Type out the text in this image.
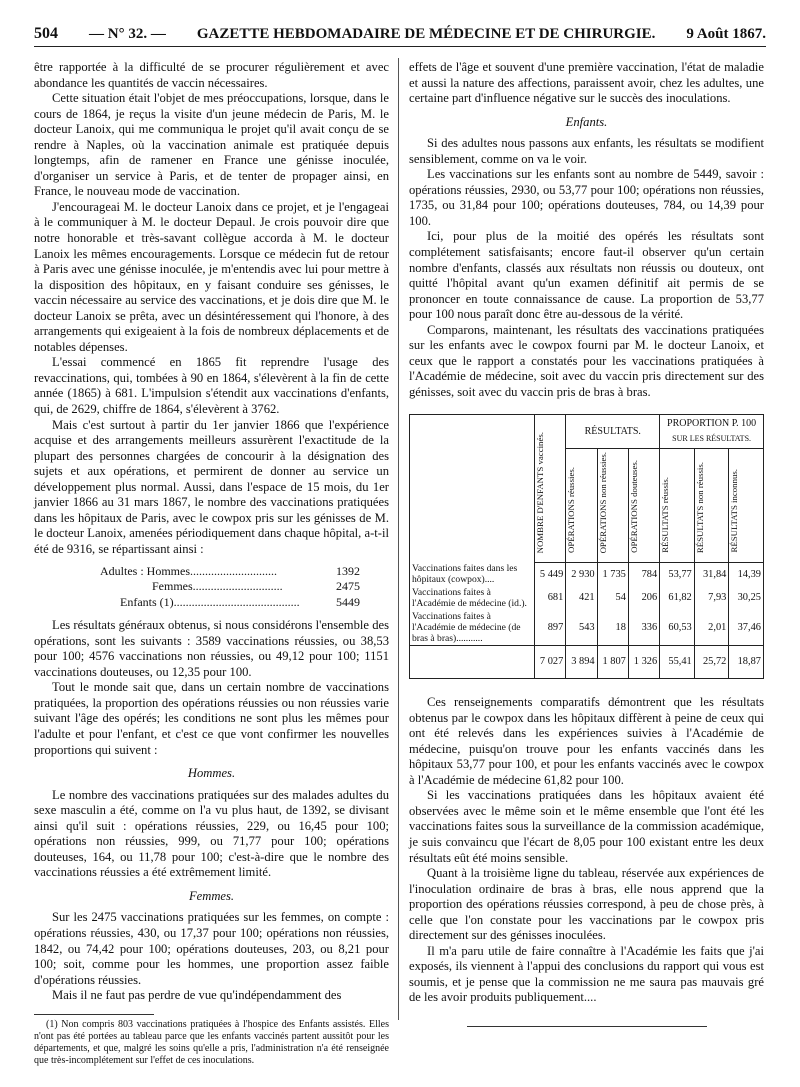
504 — N° 32. — GAZETTE HEBDOMADAIRE DE MÉDECINE ET DE CHIRURGIE. 9 Août 1867.

être rapportée à la difficulté de se procurer régulièrement et avec abondance les quantités de vaccin nécessaires.

Cette situation était l'objet de mes préoccupations, lorsque, dans le cours de 1864, je reçus la visite d'un jeune médecin de Paris, M. le docteur Lanoix, qui me communiqua le projet qu'il avait conçu de se rendre à Naples, où la vaccination animale est pratiquée depuis longtemps, afin de ramener en France une génisse inoculée, d'organiser un service à Paris, et de tenter de propager ainsi, en France, le nouveau mode de vaccination.

J'encourageai M. le docteur Lanoix dans ce projet, et je l'engageai à le communiquer à M. le docteur Depaul. Je crois pouvoir dire que notre honorable et très-savant collègue accorda à M. le docteur Lanoix les mêmes encouragements. Lorsque ce médecin fut de retour à Paris avec une génisse inoculée, je m'entendis avec lui pour mettre à la disposition des hôpitaux, en y faisant conduire ses génisses, le vaccin nécessaire au service des vaccinations, et je dois dire que M. le docteur Lanoix se prêta, avec un désintéressement qui l'honore, à des arrangements qui exigeaient à la fois de nombreux déplacements et de notables dépenses.

L'essai commencé en 1865 fit reprendre l'usage des revaccinations, qui, tombées à 90 en 1864, s'élevèrent à la fin de cette année (1865) à 681. L'impulsion s'étendit aux vaccinations d'enfants, qui, de 2629, chiffre de 1864, s'élevèrent à 3762.

Mais c'est surtout à partir du 1er janvier 1866 que l'expérience acquise et des arrangements meilleurs assurèrent l'exactitude de la plupart des personnes chargées de concourir à la désignation des sujets et aux opérations, et permirent de donner au service un développement plus normal. Aussi, dans l'espace de 15 mois, du 1er janvier 1866 au 31 mars 1867, le nombre des vaccinations pratiquées dans les hôpitaux de Paris, avec le cowpox pris sur les génisses de M. le docteur Lanoix, amenées périodiquement dans chaque hôpital, a-t-il été de 9316, se répartissant ainsi :

Adultes : Hommes.............................	1392
Femmes..............................	2475
Enfants (1)..........................................	5449

Les résultats généraux obtenus, si nous considérons l'ensemble des opérations, sont les suivants : 3589 vaccinations réussies, ou 38,53 pour 100; 4576 vaccinations non réussies, ou 49,12 pour 100; 1151 vaccinations douteuses, ou 12,35 pour 100.

Tout le monde sait que, dans un certain nombre de vaccinations pratiquées, la proportion des opérations réussies ou non réussies varie suivant l'âge des opérés; les conditions ne sont plus les mêmes pour l'adulte et pour l'enfant, et c'est ce que vont confirmer les nouvelles proportions qui suivent :

Hommes.

Le nombre des vaccinations pratiquées sur des malades adultes du sexe masculin a été, comme on l'a vu plus haut, de 1392, se divisant ainsi qu'il suit : opérations réussies, 229, ou 16,45 pour 100; opérations non réussies, 999, ou 71,77 pour 100; opérations douteuses, 164, ou 11,78 pour 100; c'est-à-dire que le nombre des vaccinations réussies a été extrêmement limité.

Femmes.

Sur les 2475 vaccinations pratiquées sur les femmes, on compte : opérations réussies, 430, ou 17,37 pour 100; opérations non réussies, 1842, ou 74,42 pour 100; opérations douteuses, 203, ou 8,21 pour 100; soit, comme pour les hommes, une proportion assez faible d'opérations réussies.

Mais il ne faut pas perdre de vue qu'indépendamment des

(1) Non compris 803 vaccinations pratiquées à l'hospice des Enfants assistés. Elles n'ont pas été portées au tableau parce que les enfants vaccinés partent aussitôt pour les départements, et que, malgré les soins qu'elle a pris, l'administration n'a été renseignée que très-incomplétement sur l'effet de ces inoculations.

effets de l'âge et souvent d'une première vaccination, l'état de maladie et aussi la nature des affections, paraissent avoir, chez les adultes, une certaine part d'influence négative sur le succès des inoculations.

Enfants.

Si des adultes nous passons aux enfants, les résultats se modifient sensiblement, comme on va le voir.

Les vaccinations sur les enfants sont au nombre de 5449, savoir : opérations réussies, 2930, ou 53,77 pour 100; opérations non réussies, 1735, ou 31,84 pour 100; opérations douteuses, 784, ou 14,39 pour 100.

Ici, pour plus de la moitié des opérés les résultats sont complétement satisfaisants; encore faut-il observer qu'un certain nombre d'enfants, classés aux résultats non réussis ou douteux, ont quitté l'hôpital avant qu'un examen définitif ait permis de se prononcer en toute connaissance de cause. La proportion de 53,77 pour 100 nous paraît donc être au-dessous de la vérité.

Comparons, maintenant, les résultats des vaccinations pratiquées sur les enfants avec le cowpox fourni par M. le docteur Lanoix, et ceux que le rapport a constatés pour les vaccinations pratiquées à l'Académie de médecine, soit avec du vaccin pris directement sur des génisses, soit avec du vaccin pris de bras à bras.

	NOMBRE D'ENFANTS vaccinés.	RÉSULTATS.			PROPORTION P. 100
SUR LES RÉSULTATS.		

		OPÉRATIONS réussies.	OPÉRATIONS non réussies.	OPÉRATIONS douteuses.	RÉSULTATS réussis.	RÉSULTATS non réussis.	RÉSULTATS inconnus.
Vaccinations faites dans les hôpitaux (cowpox)....	5 449	2 930	1 735	784	53,77	31,84	14,39
Vaccinations faites à l'Académie de médecine (id.).	681	421	54	206	61,82	7,93	30,25
Vaccinations faites à l'Académie de médecine (de bras à bras)...........	897	543	18	336	60,53	2,01	37,46
	7 027	3 894	1 807	1 326	55,41	25,72	18,87

Ces renseignements comparatifs démontrent que les résultats obtenus par le cowpox dans les hôpitaux diffèrent à peine de ceux qui ont été relevés dans les expériences suivies à l'Académie de médecine, puisqu'on trouve pour les enfants vaccinés dans les hôpitaux 53,77 pour 100, et pour les enfants vaccinés avec le cowpox à l'Académie de médecine 61,82 pour 100.

Si les vaccinations pratiquées dans les hôpitaux avaient été observées avec le même soin et le même ensemble que l'ont été les vaccinations faites sous la surveillance de la commission académique, je suis convaincu que l'écart de 8,05 pour 100 existant entre les deux résultats eût été moins sensible.

Quant à la troisième ligne du tableau, réservée aux expériences de l'inoculation ordinaire de bras à bras, elle nous apprend que la proportion des opérations réussies correspond, à peu de chose près, à celle que l'on constate pour les vaccinations par le cowpox pris directement sur des génisses inoculées.

Il m'a paru utile de faire connaître à l'Académie les faits que j'ai exposés, ils viennent à l'appui des conclusions du rapport qui vous est soumis, et je pense que la commission ne me saura pas mauvais gré de les avoir produits publiquement....
